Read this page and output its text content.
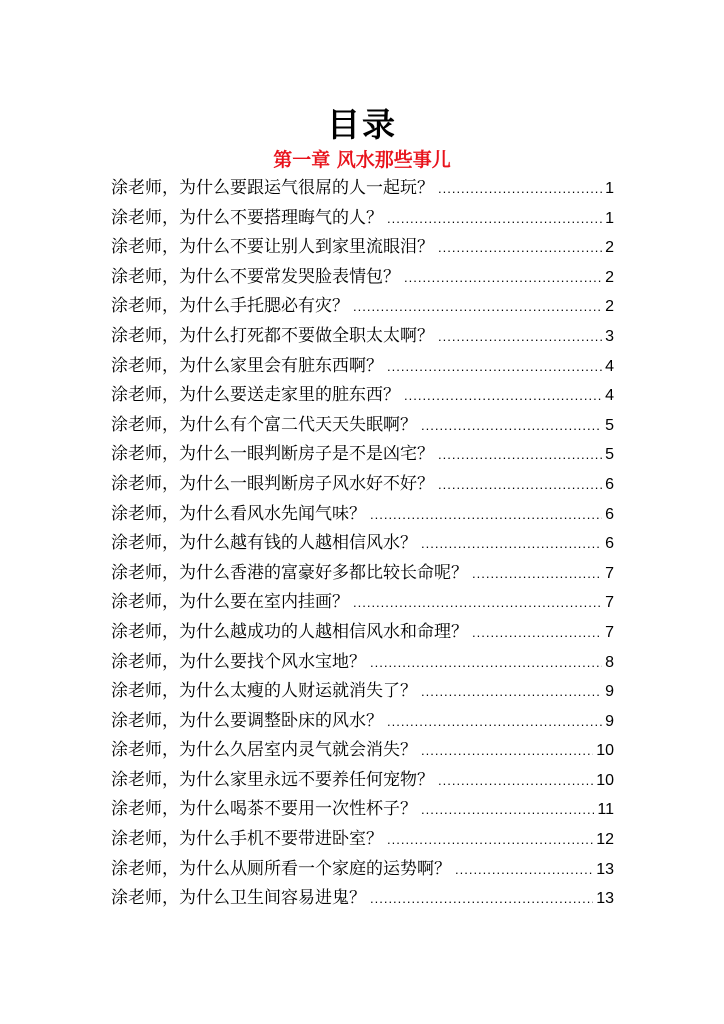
目录
第一章 风水那些事儿
涂老师，为什么要跟运气很屌的人一起玩？ .....	1
涂老师，为什么不要搭理晦气的人？ .....	1
涂老师，为什么不要让别人到家里流眼泪？ .....	2
涂老师，为什么不要常发哭脸表情包？ .....	2
涂老师，为什么手托腮必有灾？ .....	2
涂老师，为什么打死都不要做全职太太啊？ .....	3
涂老师，为什么家里会有脏东西啊？ .....	4
涂老师，为什么要送走家里的脏东西？ .....	4
涂老师，为什么有个富二代天天失眠啊？ .....	5
涂老师，为什么一眼判断房子是不是凶宅？ .....	5
涂老师，为什么一眼判断房子风水好不好？ .....	6
涂老师，为什么看风水先闻气味？ .....	6
涂老师，为什么越有钱的人越相信风水？ .....	6
涂老师，为什么香港的富豪好多都比较长命呢？ .....	7
涂老师，为什么要在室内挂画？ .....	7
涂老师，为什么越成功的人越相信风水和命理？ .....	7
涂老师，为什么要找个风水宝地？ .....	8
涂老师，为什么太瘦的人财运就消失了？ .....	9
涂老师，为什么要调整卧床的风水？ .....	9
涂老师，为什么久居室内灵气就会消失？ .....	10
涂老师，为什么家里永远不要养任何宠物？ .....	10
涂老师，为什么喝茶不要用一次性杯子？ .....	11
涂老师，为什么手机不要带进卧室？ .....	12
涂老师，为什么从厕所看一个家庭的运势啊？ .....	13
涂老师，为什么卫生间容易进鬼？ .....	13
